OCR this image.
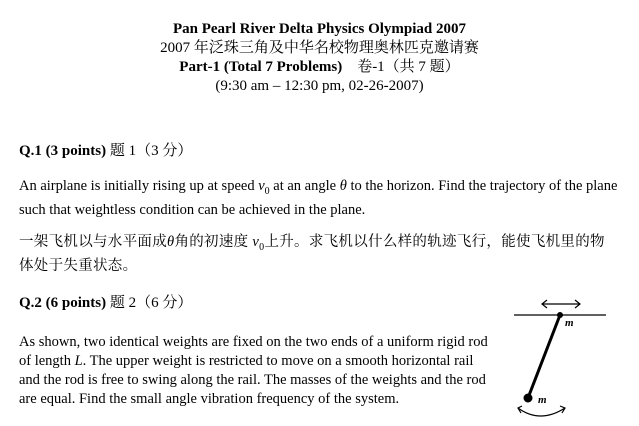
Pan Pearl River Delta Physics Olympiad 2007
2007 年泛珠三角及中华名校物理奥林匹克邀请赛
Part-1 (Total 7 Problems) 卷-1（共 7 题）
(9:30 am – 12:30 pm, 02-26-2007)
Q.1 (3 points) 题 1（3 分）
An airplane is initially rising up at speed $v_0$ at an angle θ to the horizon. Find the trajectory of the plane such that weightless condition can be achieved in the plane.
一架飞机以与水平面成θ角的初速度 $v_0$上升。求飞机以什么样的轨迹飞行，能使飞机里的物体处于失重状态。
Q.2 (6 points) 题 2（6 分）
As shown, two identical weights are fixed on the two ends of a uniform rigid rod of length L. The upper weight is restricted to move on a smooth horizontal rail and the rod is free to swing along the rail. The masses of the weights and the rod are equal. Find the small angle vibration frequency of the system.
m
m
